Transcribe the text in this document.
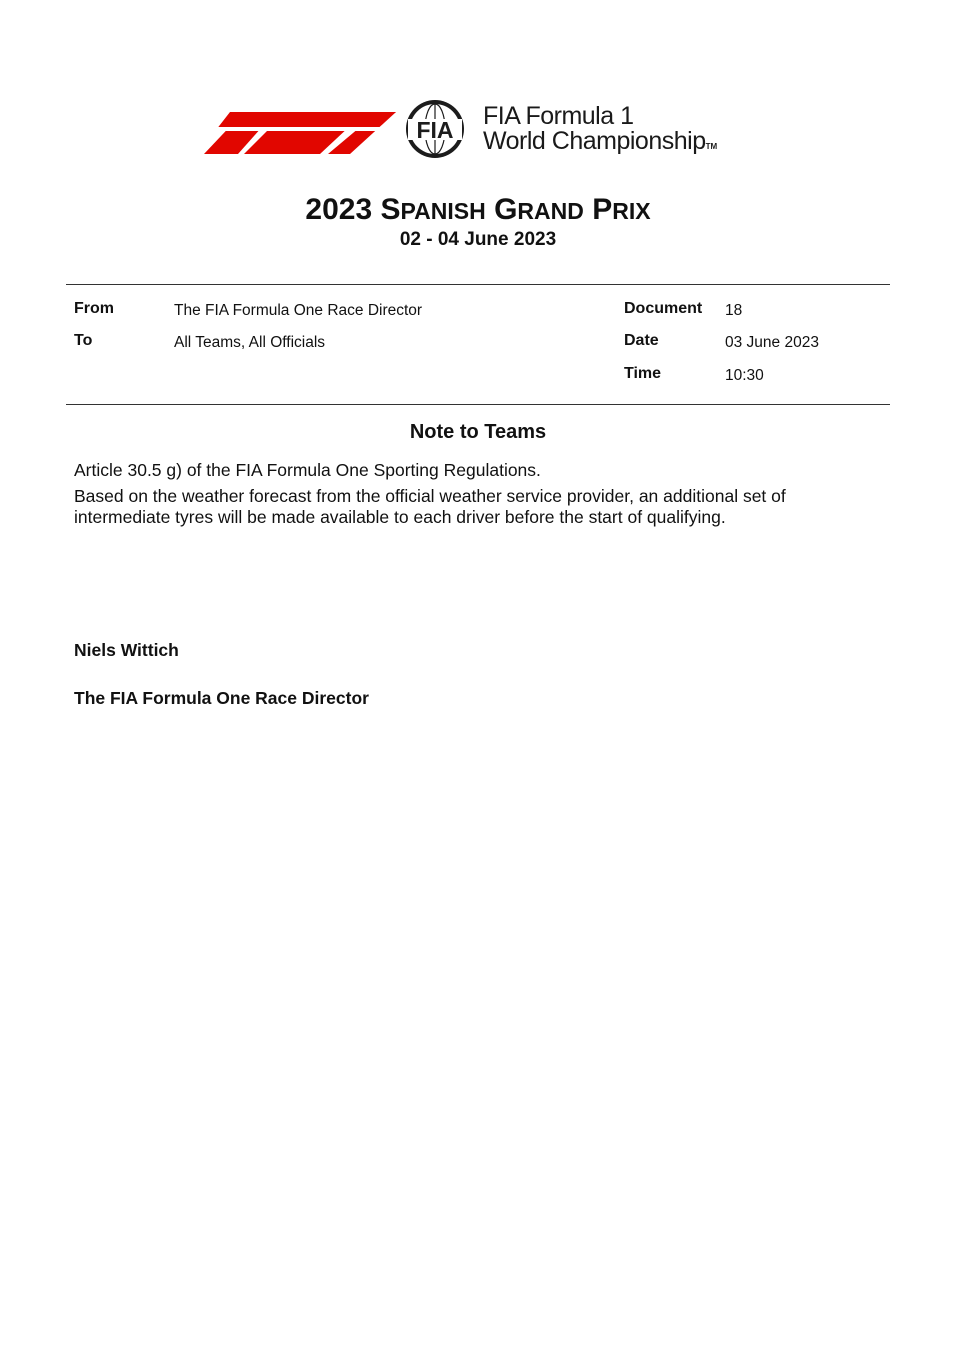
FIA FIA Formula 1
World ChampionshipTM
2023 SPANISH GRAND PRIX
02 - 04 June 2023
From	The FIA Formula One Race Director
To	All Teams, All Officials
Document 18
Date	03 June 2023
Time	10:30
Note to Teams
Article 30.5 g) of the FIA Formula One Sporting Regulations.
Based on the weather forecast from the official weather service provider, an additional set of intermediate tyres will be made available to each driver before the start of qualifying.
Niels Wittich
The FIA Formula One Race Director
